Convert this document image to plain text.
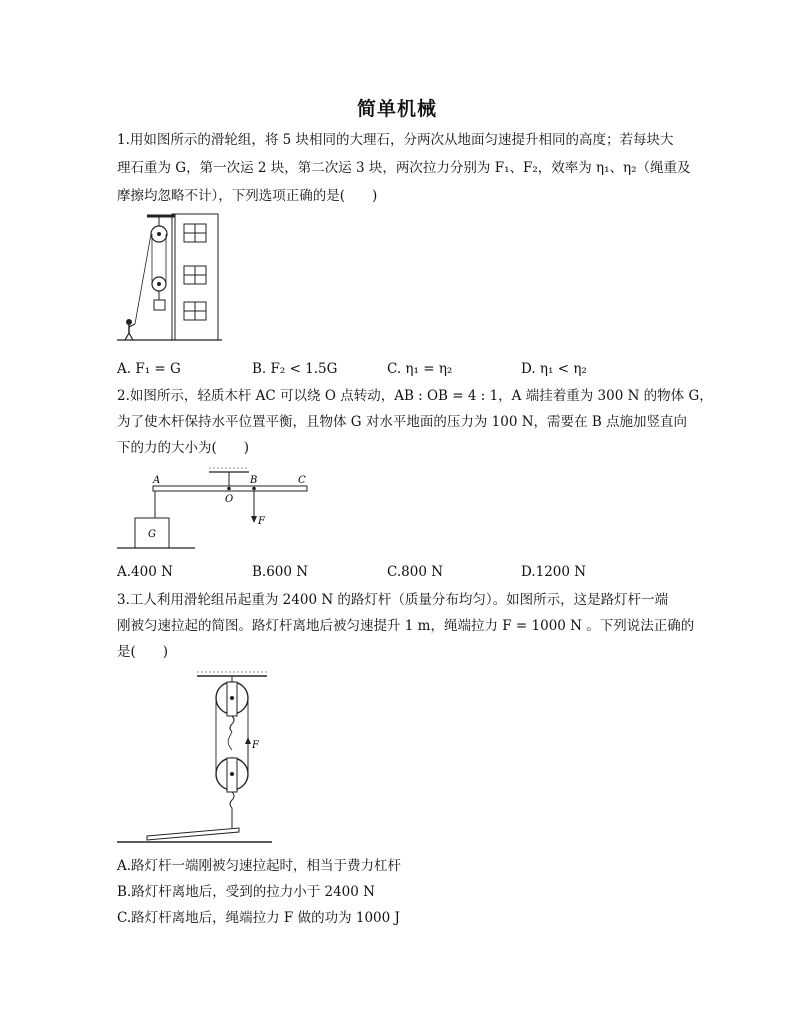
简单机械
1.用如图所示的滑轮组，将 5 块相同的大理石，分两次从地面匀速提升相同的高度；若每块大
理石重为 G，第一次运 2 块，第二次运 3 块，两次拉力分别为 F₁、F₂，效率为 η₁、η₂（绳重及
摩擦均忽略不计），下列选项正确的是(　　)
A. F₁ = G	B. F₂ < 1.5G	C. η₁ = η₂	D. η₁ < η₂
2.如图所示，轻质木杆 AC 可以绕 O 点转动，AB : OB = 4 : 1，A 端挂着重为 300 N 的物体 G，
为了使木杆保持水平位置平衡，且物体 G 对水平地面的压力为 100 N，需要在 B 点施加竖直向
下的力的大小为(　　)
A
O
B	C
F
G
A.400 N	B.600 N	C.800 N	D.1200 N
3.工人利用滑轮组吊起重为 2400 N 的路灯杆（质量分布均匀）。如图所示，这是路灯杆一端
刚被匀速拉起的简图。路灯杆离地后被匀速提升 1 m，绳端拉力 F = 1000 N 。下列说法正确的
是(　　)
F
A.路灯杆一端刚被匀速拉起时，相当于费力杠杆
B.路灯杆离地后，受到的拉力小于 2400 N
C.路灯杆离地后，绳端拉力 F 做的功为 1000 J
